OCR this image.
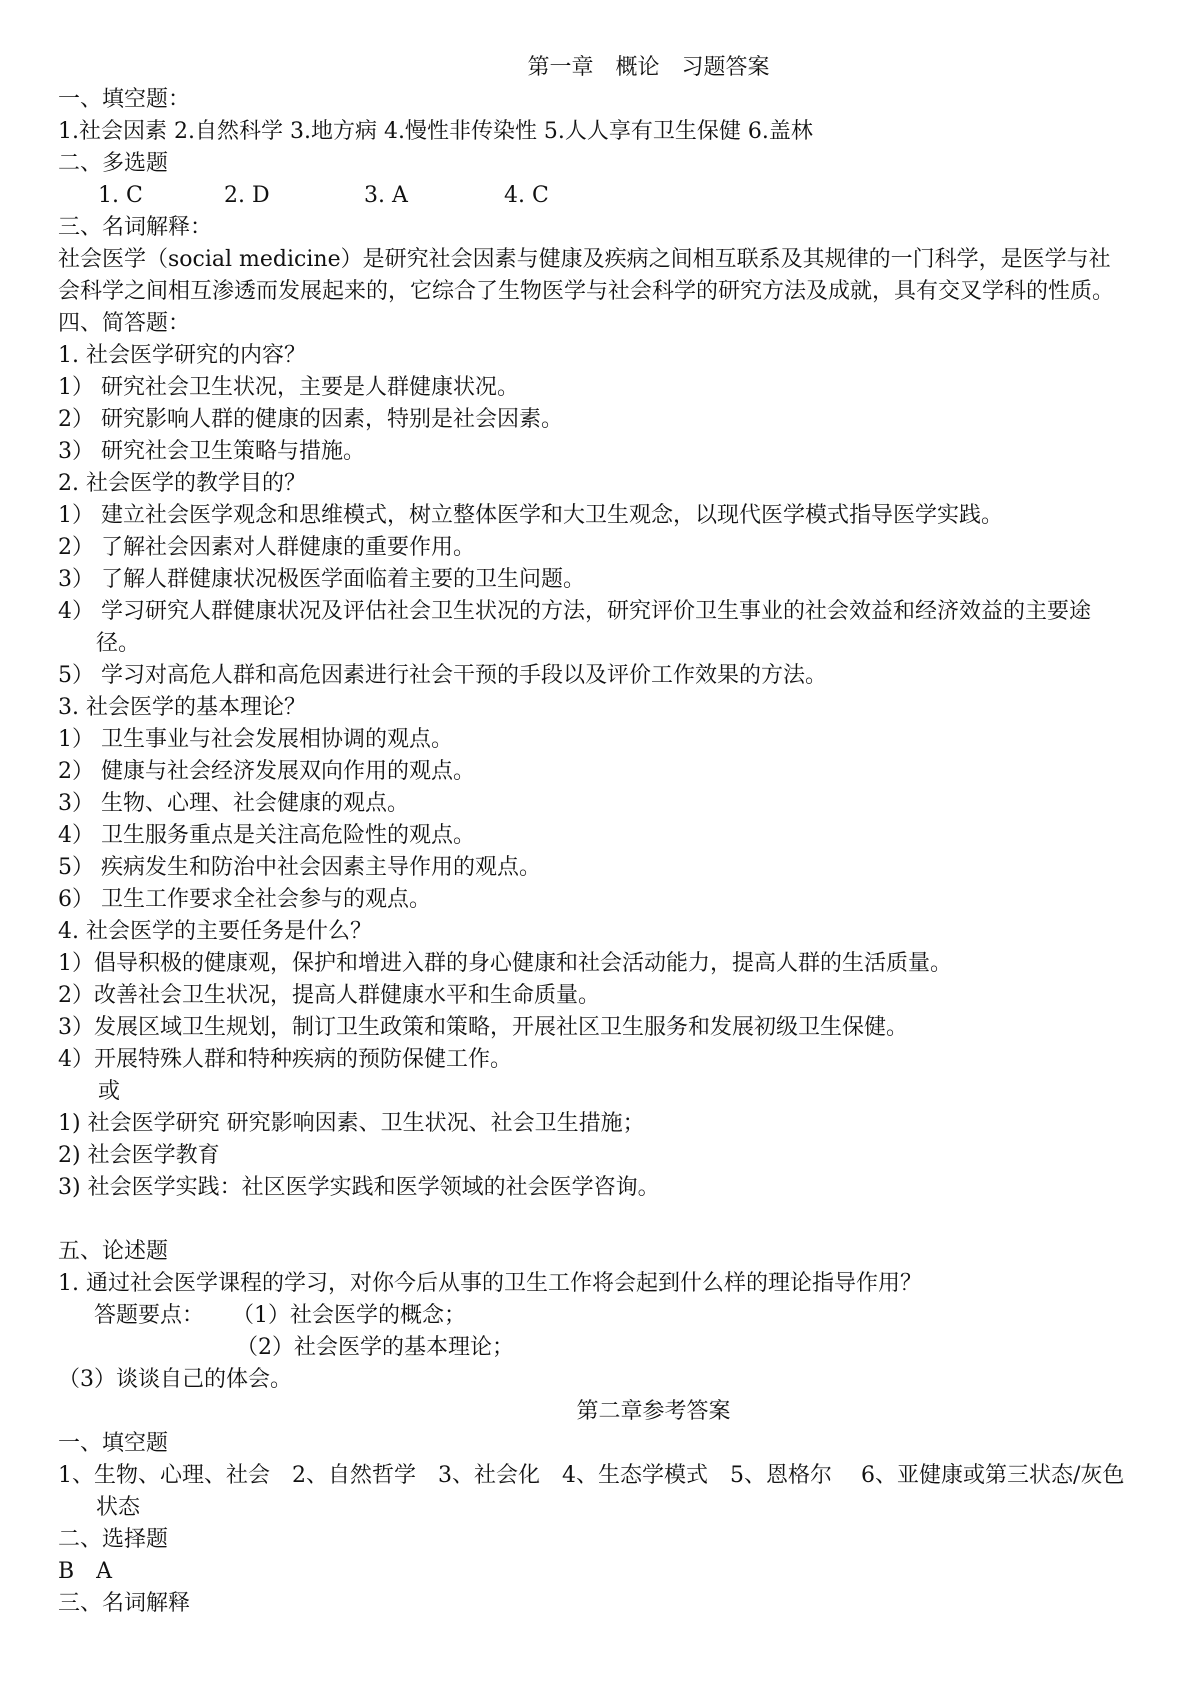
第一章　概论　习题答案
一、填空题：
1.社会因素 2.自然科学 3.地方病 4.慢性非传染性 5.人人享有卫生保健 6.盖林
二、多选题
1. C	2. D	3. A	4. C
三、名词解释：
社会医学（social medicine）是研究社会因素与健康及疾病之间相互联系及其规律的一门科学，是医学与社会科学之间相互渗透而发展起来的，它综合了生物医学与社会科学的研究方法及成就，具有交叉学科的性质。
四、简答题：
1. 社会医学研究的内容？
1） 研究社会卫生状况，主要是人群健康状况。
2） 研究影响人群的健康的因素，特别是社会因素。
3） 研究社会卫生策略与措施。
2. 社会医学的教学目的？
1） 建立社会医学观念和思维模式，树立整体医学和大卫生观念，以现代医学模式指导医学实践。
2） 了解社会因素对人群健康的重要作用。
3） 了解人群健康状况极医学面临着主要的卫生问题。
4） 学习研究人群健康状况及评估社会卫生状况的方法，研究评价卫生事业的社会效益和经济效益的主要途径。
5） 学习对高危人群和高危因素进行社会干预的手段以及评价工作效果的方法。
3. 社会医学的基本理论？
1） 卫生事业与社会发展相协调的观点。
2） 健康与社会经济发展双向作用的观点。
3） 生物、心理、社会健康的观点。
4） 卫生服务重点是关注高危险性的观点。
5） 疾病发生和防治中社会因素主导作用的观点。
6） 卫生工作要求全社会参与的观点。
4. 社会医学的主要任务是什么？
1）倡导积极的健康观，保护和增进入群的身心健康和社会活动能力，提高人群的生活质量。
2）改善社会卫生状况，提高人群健康水平和生命质量。
3）发展区域卫生规划，制订卫生政策和策略，开展社区卫生服务和发展初级卫生保健。
4）开展特殊人群和特种疾病的预防保健工作。
或
1) 社会医学研究 研究影响因素、卫生状况、社会卫生措施；
2) 社会医学教育
3) 社会医学实践：社区医学实践和医学领域的社会医学咨询。
五、论述题
1. 通过社会医学课程的学习，对你今后从事的卫生工作将会起到什么样的理论指导作用？
答题要点： （1）社会医学的概念；
（2）社会医学的基本理论；
（3）谈谈自己的体会。
第二章参考答案
一、填空题
1、生物、心理、社会　2、自然哲学　3、社会化　4、生态学模式　5、恩格尔　 6、亚健康或第三状态/灰色状态
二、选择题
B　A
三、名词解释
